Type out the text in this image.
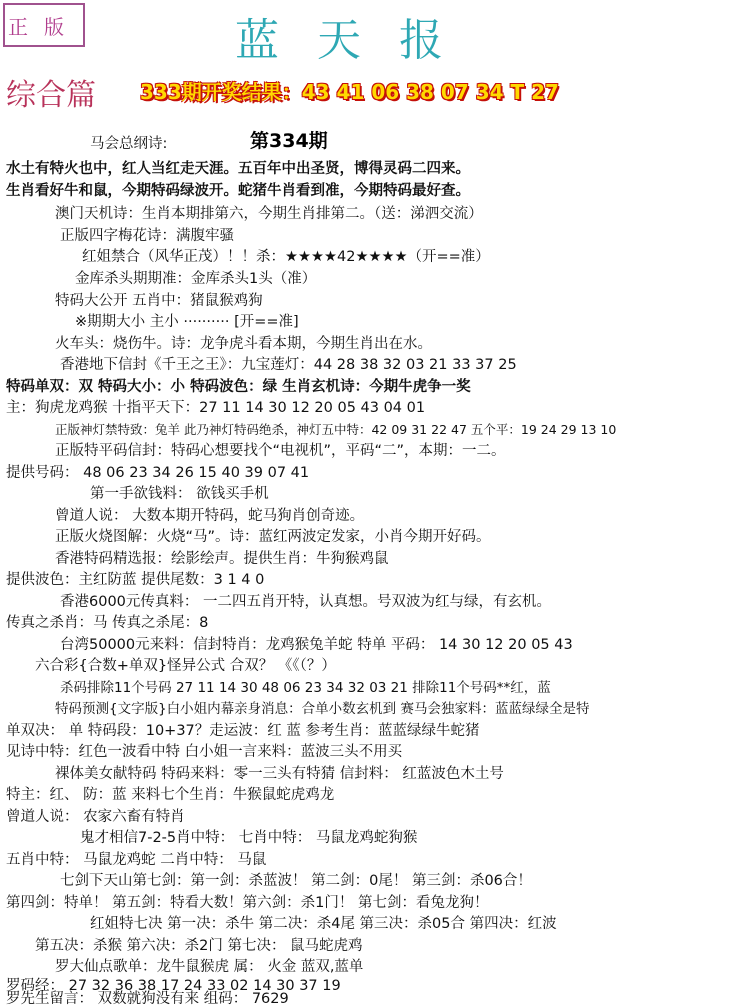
正版	蓝天报
综合篇 333期开奖结果：43 41 06 38 07 34 T 27
第334期
马会总纲诗:
水土有特火也中，红人当红走天涯。五百年中出圣贤，博得灵码二四来。
生肖看好牛和鼠，今期特码绿波开。蛇猪牛肖看到准，今期特码最好查。
澳门天机诗：生肖本期排第六，今期生肖排第二。（送：涕泗交流）
正版四字梅花诗：满腹牢骚
红姐禁合（风华正茂）！！杀：★★★★42★★★★（开==准）
金库杀头期期准：金库杀头1头（准）
特码大公开 五肖中：猪鼠猴鸡狗
※期期大小 主小 ·········· [开==准]
火车头：烧伤牛。诗：龙争虎斗看本期，今期生肖出在水。
香港地下信封《千王之王》：九宝莲灯：44 28 38 32 03 21 33 37 25
特码单双：双 特码大小：小 特码波色：绿 生肖玄机诗：今期牛虎争一奖
主：狗虎龙鸡猴 十指平天下：27 11 14 30 12 20 05 43 04 01
正版神灯禁特致：兔羊 此乃神灯特码绝杀，神灯五中特：42 09 31 22 47 五个平：19 24 29 13 10
正版特平码信封：特码心想要找个“电视机”，平码“二”，本期：一二。
提供号码： 48 06 23 34 26 15 40 39 07 41
第一手欲钱料： 欲钱买手机
曾道人说： 大数本期开特码，蛇马狗肖创奇迹。
正版火烧图解：火烧“马”。诗：蓝红两波定发家，小肖今期开好码。
香港特码精选报：绘影绘声。提供生肖：牛狗猴鸡鼠
提供波色：主红防蓝 提供尾数：3 1 4 0
香港6000元传真料： 一二四五肖开特，认真想。号双波为红与绿，有玄机。
传真之杀肖：马 传真之杀尾：8
台湾50000元来料：信封特肖：龙鸡猴兔羊蛇 特单 平码： 14 30 12 20 05 43
六合彩{合数+单双}怪异公式 合双？ 《《（？）
杀码排除11个号码 27 11 14 30 48 06 23 34 32 03 21 排除11个号码**红，蓝
特码预测{文字版}白小姐内幕亲身消息：合单小数玄机到 赛马会独家料：蓝蓝绿绿全是特
单双决： 单 特码段：10+37？走运波：红 蓝 参考生肖：蓝蓝绿绿牛蛇猪
见诗中特：红色一波看中特 白小姐一言来料：蓝波三头不用买
裸体美女献特码 特码来料：零一三头有特猜 信封料： 红蓝波色木土号
特主：红、 防：蓝 来料七个生肖：牛猴鼠蛇虎鸡龙
曾道人说： 农家六畜有特肖
鬼才相信7-2-5肖中特： 七肖中特： 马鼠龙鸡蛇狗猴
五肖中特： 马鼠龙鸡蛇 二肖中特： 马鼠
七剑下天山第七剑：第一剑：杀蓝波！ 第二剑：0尾！ 第三剑：杀06合！
第四剑：特单！ 第五剑：特看大数！第六剑：杀1门！ 第七剑：看兔龙狗！
红姐特七决 第一决：杀牛 第二决：杀4尾 第三决：杀05合 第四决：红波
第五决：杀猴 第六决：杀2门 第七决： 鼠马蛇虎鸡
罗大仙点歌单：龙牛鼠猴虎 属： 火金 蓝双,蓝单
罗码经： 27 32 36 38 17 24 33 02 14 30 37 19
罗先生留言： 双数就狗没有来 组码： 7629
